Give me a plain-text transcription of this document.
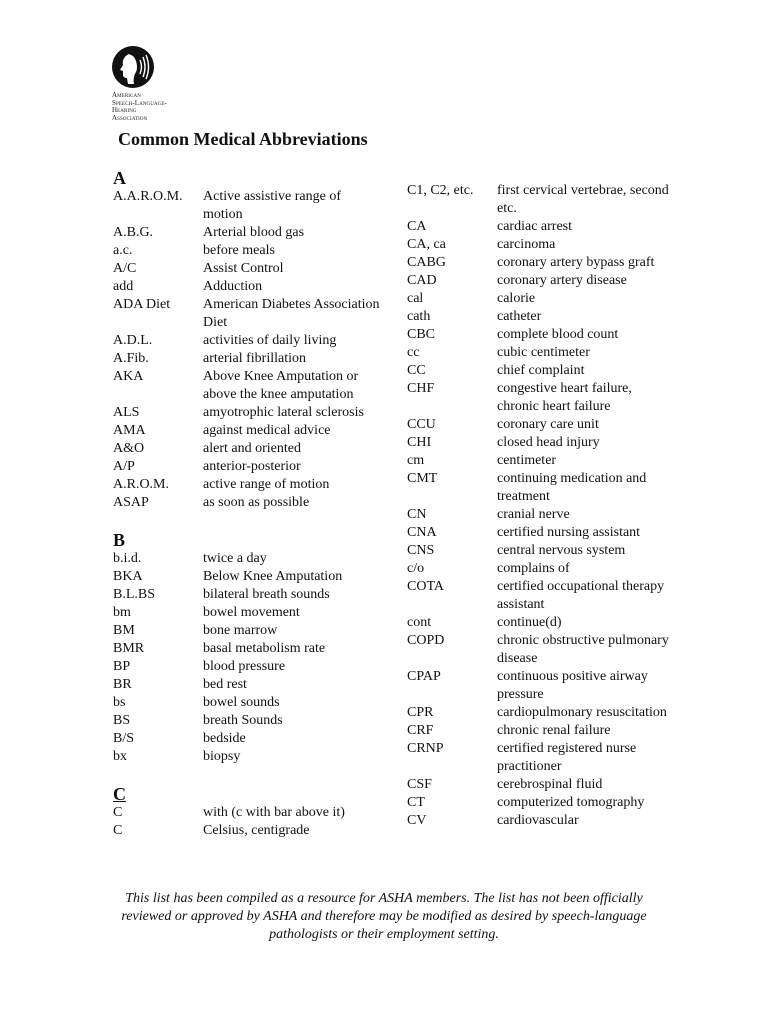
American
Speech-Language-
Hearing
Association
Common Medical Abbreviations
A
A.A.R.O.M.	Active assistive range of motion
A.B.G.	Arterial blood gas
a.c.	before meals
A/C	Assist Control
add	Adduction
ADA Diet	American Diabetes Association Diet
A.D.L.	activities of daily living
A.Fib.	arterial fibrillation
AKA	Above Knee Amputation or above the knee amputation
ALS	amyotrophic lateral sclerosis
AMA	against medical advice
A&O	alert and oriented
A/P	anterior-posterior
A.R.O.M.	active range of motion
ASAP	as soon as possible
B
b.i.d.	twice a day
BKA	Below Knee Amputation
B.L.BS	bilateral breath sounds
bm	bowel movement
BM	bone marrow
BMR	basal metabolism rate
BP	blood pressure
BR	bed rest
bs	bowel sounds
BS	breath Sounds
B/S	bedside
bx	biopsy
C
C	with (c with bar above it)
C	Celsius, centigrade
C1, C2, etc.	first cervical vertebrae, second etc.
CA	cardiac arrest
CA, ca	carcinoma
CABG	coronary artery bypass graft
CAD	coronary artery disease
cal	calorie
cath	catheter
CBC	complete blood count
cc	cubic centimeter
CC	chief complaint
CHF	congestive heart failure, chronic heart failure
CCU	coronary care unit
CHI	closed head injury
cm	centimeter
CMT	continuing medication and treatment
CN	cranial nerve
CNA	certified nursing assistant
CNS	central nervous system
c/o	complains of
COTA	certified occupational therapy assistant
cont	continue(d)
COPD	chronic obstructive pulmonary disease
CPAP	continuous positive airway pressure
CPR	cardiopulmonary resuscitation
CRF	chronic renal failure
CRNP	certified registered nurse practitioner
CSF	cerebrospinal fluid
CT	computerized tomography
CV	cardiovascular

This list has been compiled as a resource for ASHA members. The list has not been officially reviewed or approved by ASHA and therefore may be modified as desired by speech-language pathologists or their employment setting.
